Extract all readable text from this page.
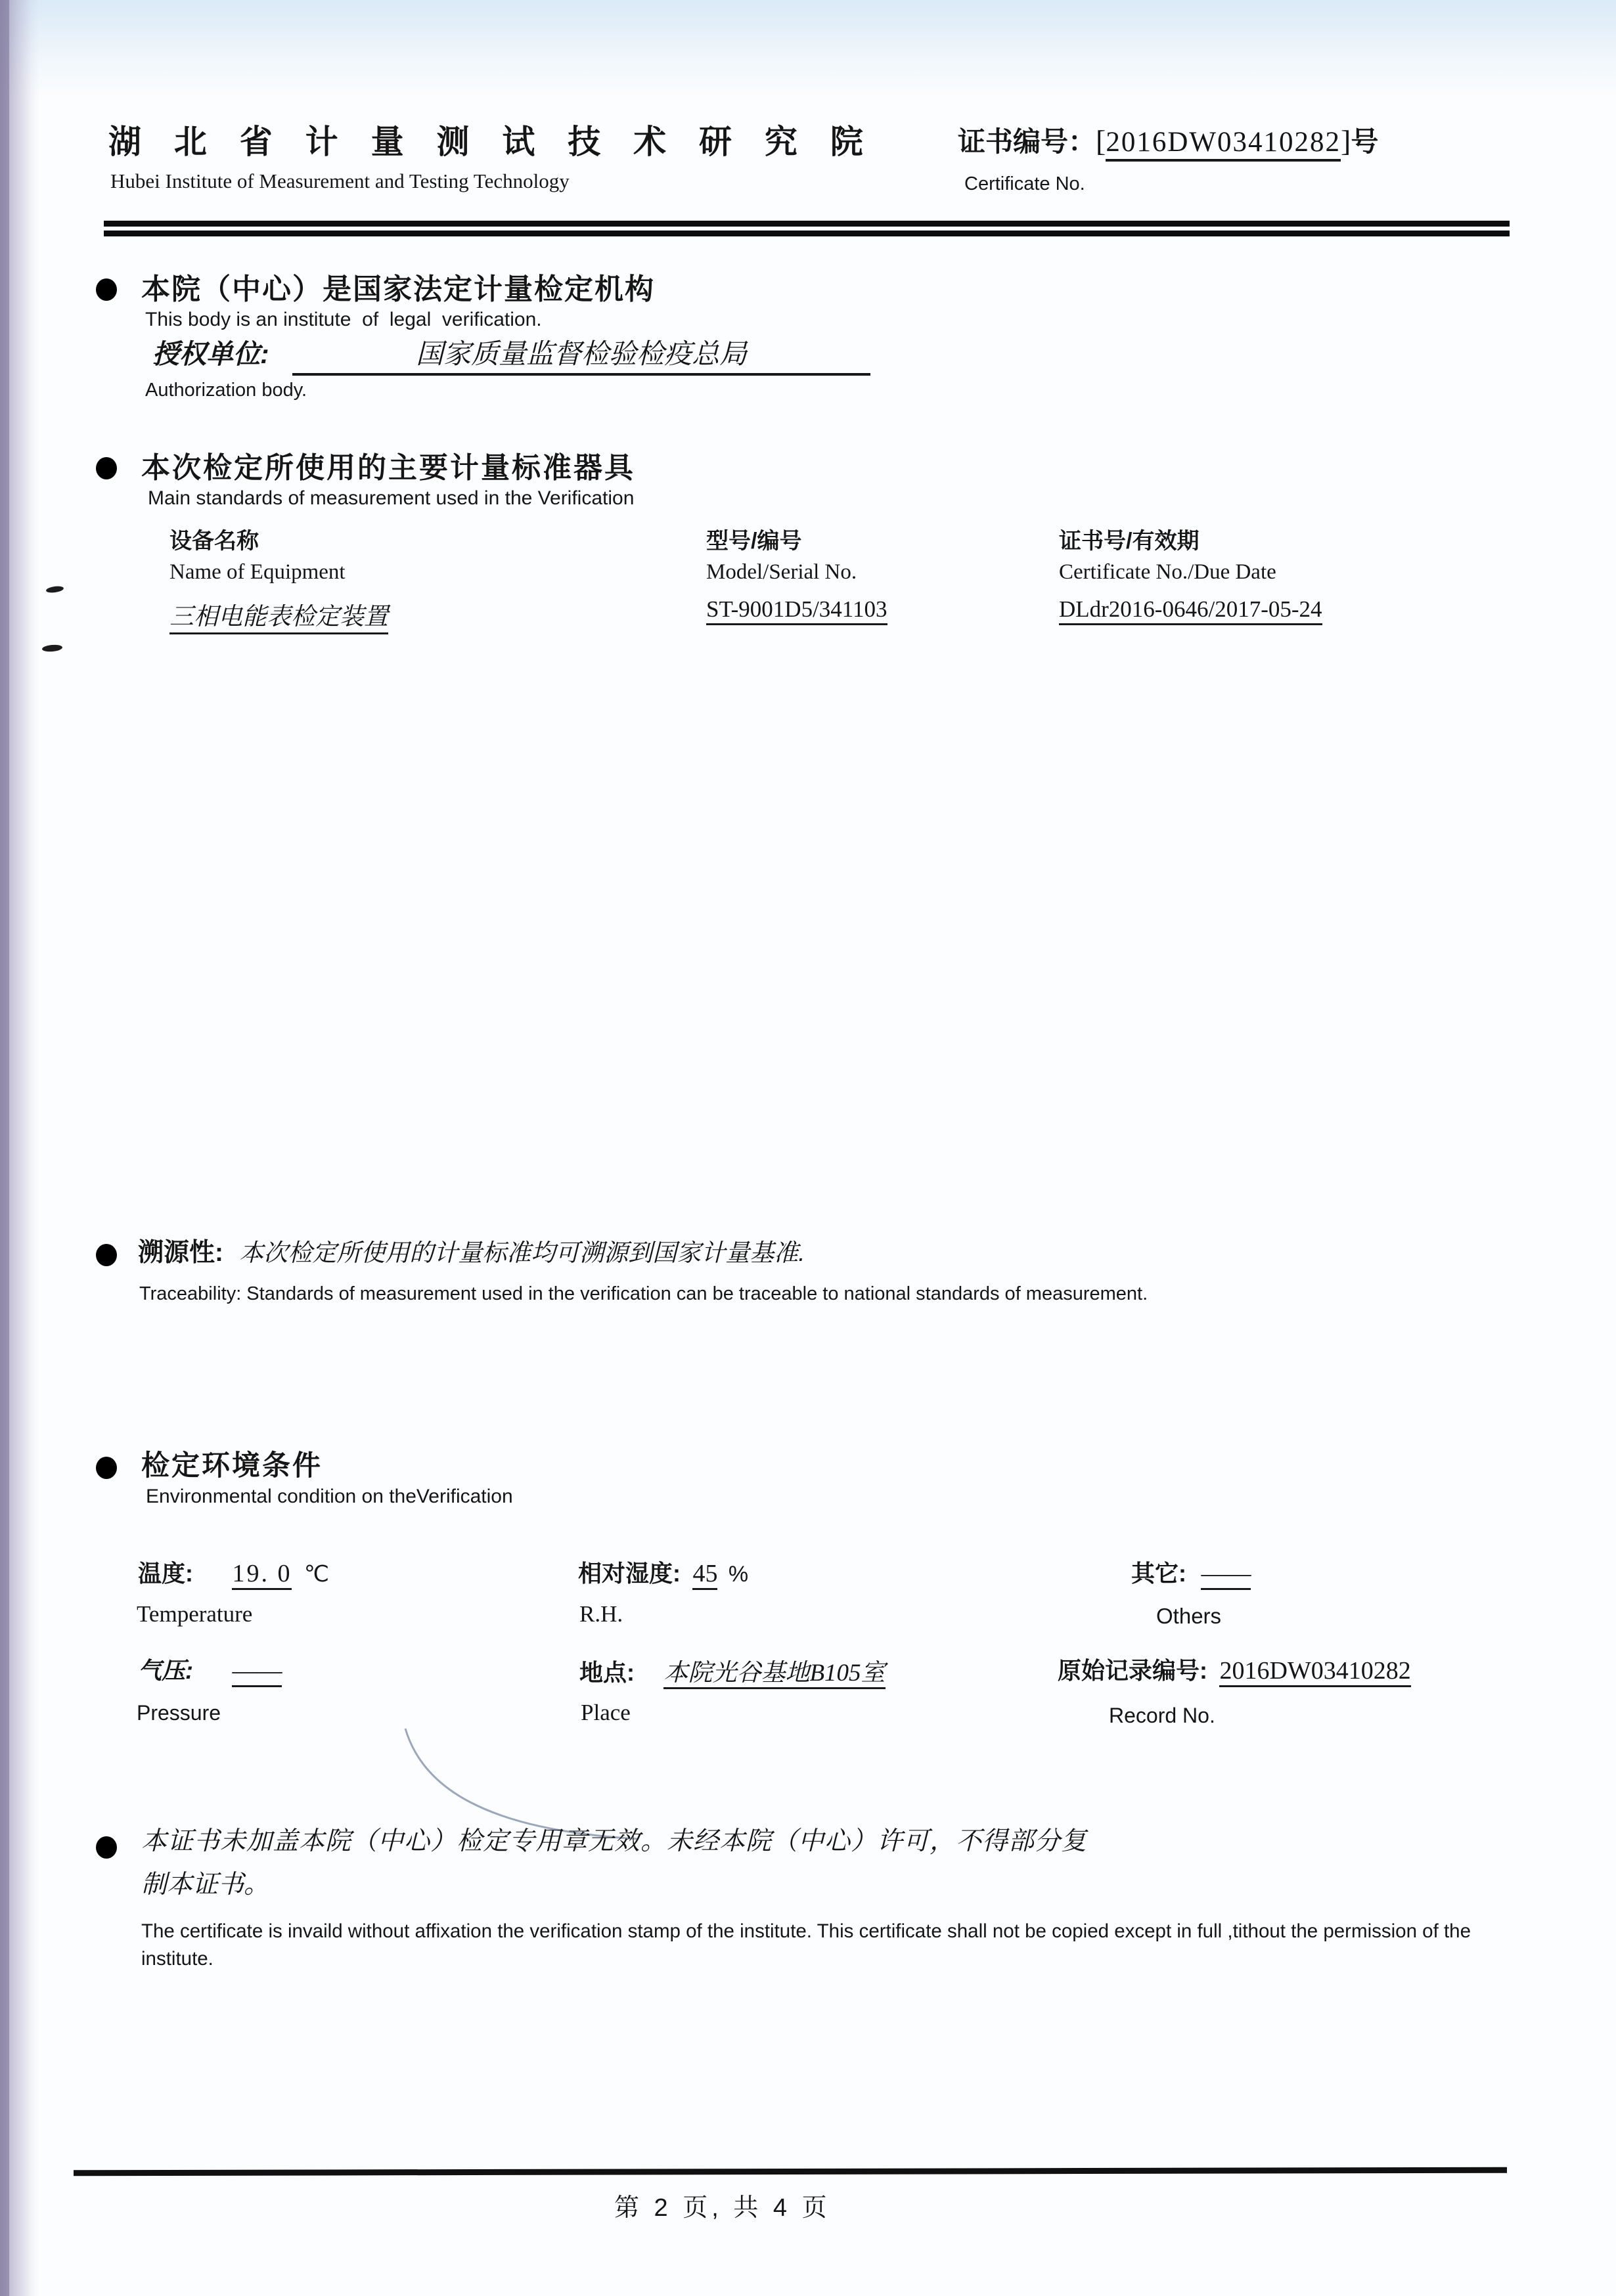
湖 北 省 计 量 测 试 技 术 研 究 院
Hubei Institute of Measurement and Testing Technology
证书编号：[2016DW03410282]号
Certificate No.
本院（中心）是国家法定计量检定机构
This body is an institute  of  legal  verification.
授权单位:	国家质量监督检验检疫总局
Authorization body.
本次检定所使用的主要计量标准器具
Main standards of measurement used in the Verification
设备名称	型号/编号	证书号/有效期
Name of Equipment	Model/Serial No.	Certificate No./Due Date
三相电能表检定装置	ST-9001D5/341103	DLdr2016-0646/2017-05-24
溯源性: 本次检定所使用的计量标准均可溯源到国家计量基准.
Traceability: Standards of measurement used in the verification can be traceable to national standards of measurement.
检定环境条件
Environmental condition on theVerification
温度: 19. 0 ℃	相对湿度: 45 %	其它: ——
Temperature	R.H.	Others
气压: ——	地点: 本院光谷基地B105室	原始记录编号: 2016DW03410282
Pressure	Place	Record No.
本证书未加盖本院（中心）检定专用章无效。未经本院（中心）许可，不得部分复
制本证书。
The certificate is invaild without affixation the verification stamp of the institute. This certificate shall not be copied except in full ,tithout the permission of the institute.
第 2 页, 共 4 页
